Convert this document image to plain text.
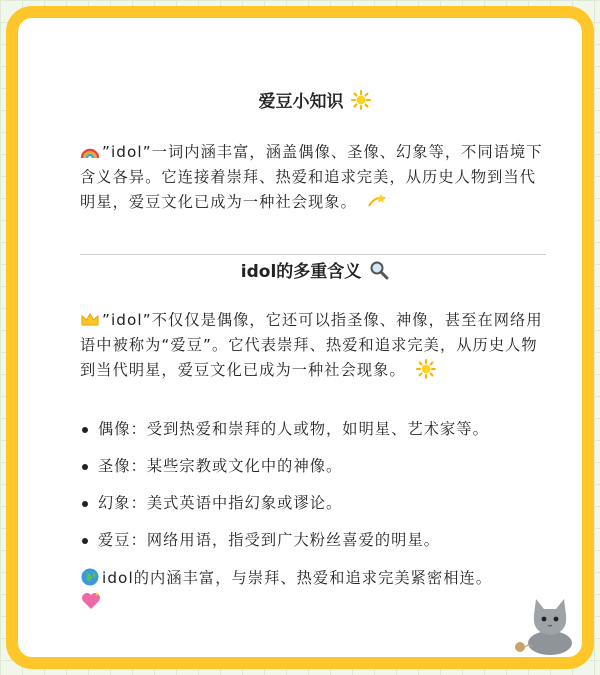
爱豆小知识

”idol”一词内涵丰富，涵盖偶像、圣像、幻象等，不同语境下含义各异。它连接着崇拜、热爱和追求完美，从历史人物到当代明星，爱豆文化已成为一种社会现象。

idol的多重含义

”idol”不仅仅是偶像，它还可以指圣像、神像，甚至在网络用语中被称为“爱豆”。它代表崇拜、热爱和追求完美，从历史人物到当代明星，爱豆文化已成为一种社会现象。

偶像：受到热爱和崇拜的人或物，如明星、艺术家等。
圣像：某些宗教或文化中的神像。
幻象：美式英语中指幻象或谬论。
爱豆：网络用语，指受到广大粉丝喜爱的明星。

idol的内涵丰富，与崇拜、热爱和追求完美紧密相连。
